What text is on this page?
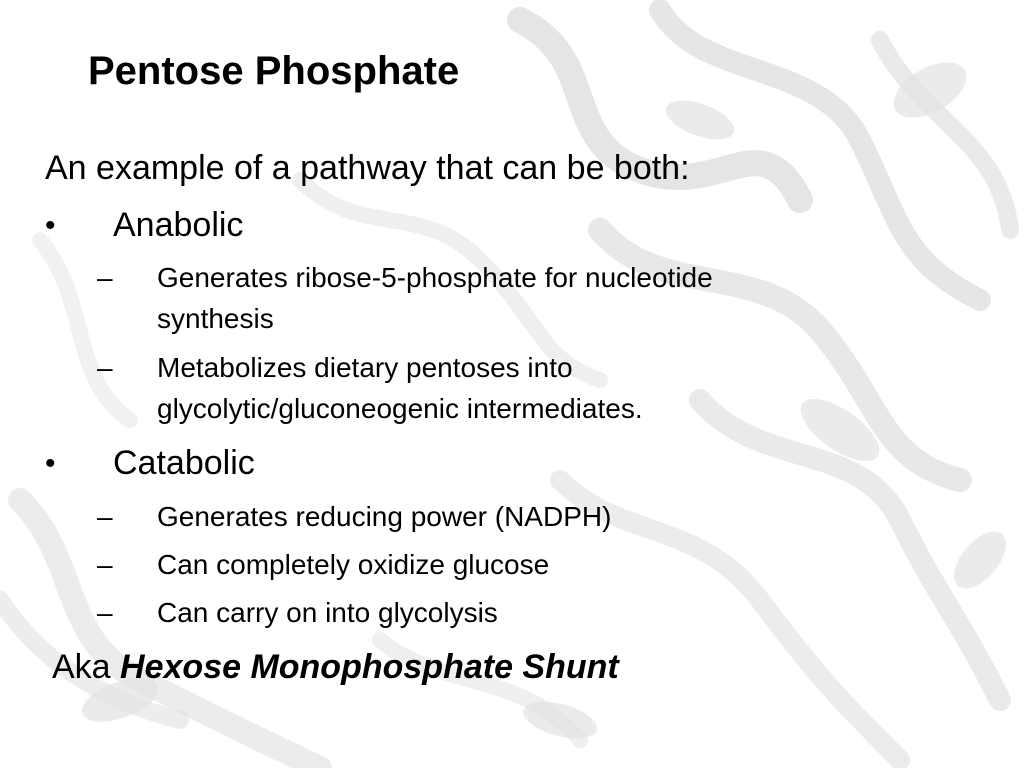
Pentose Phosphate
An example of a pathway that can be both:
• Anabolic
– Generates ribose-5-phosphate for nucleotide
synthesis
– Metabolizes dietary pentoses into
glycolytic/gluconeogenic intermediates.
• Catabolic
– Generates reducing power (NADPH)
– Can completely oxidize glucose
– Can carry on into glycolysis
Aka Hexose Monophosphate Shunt
